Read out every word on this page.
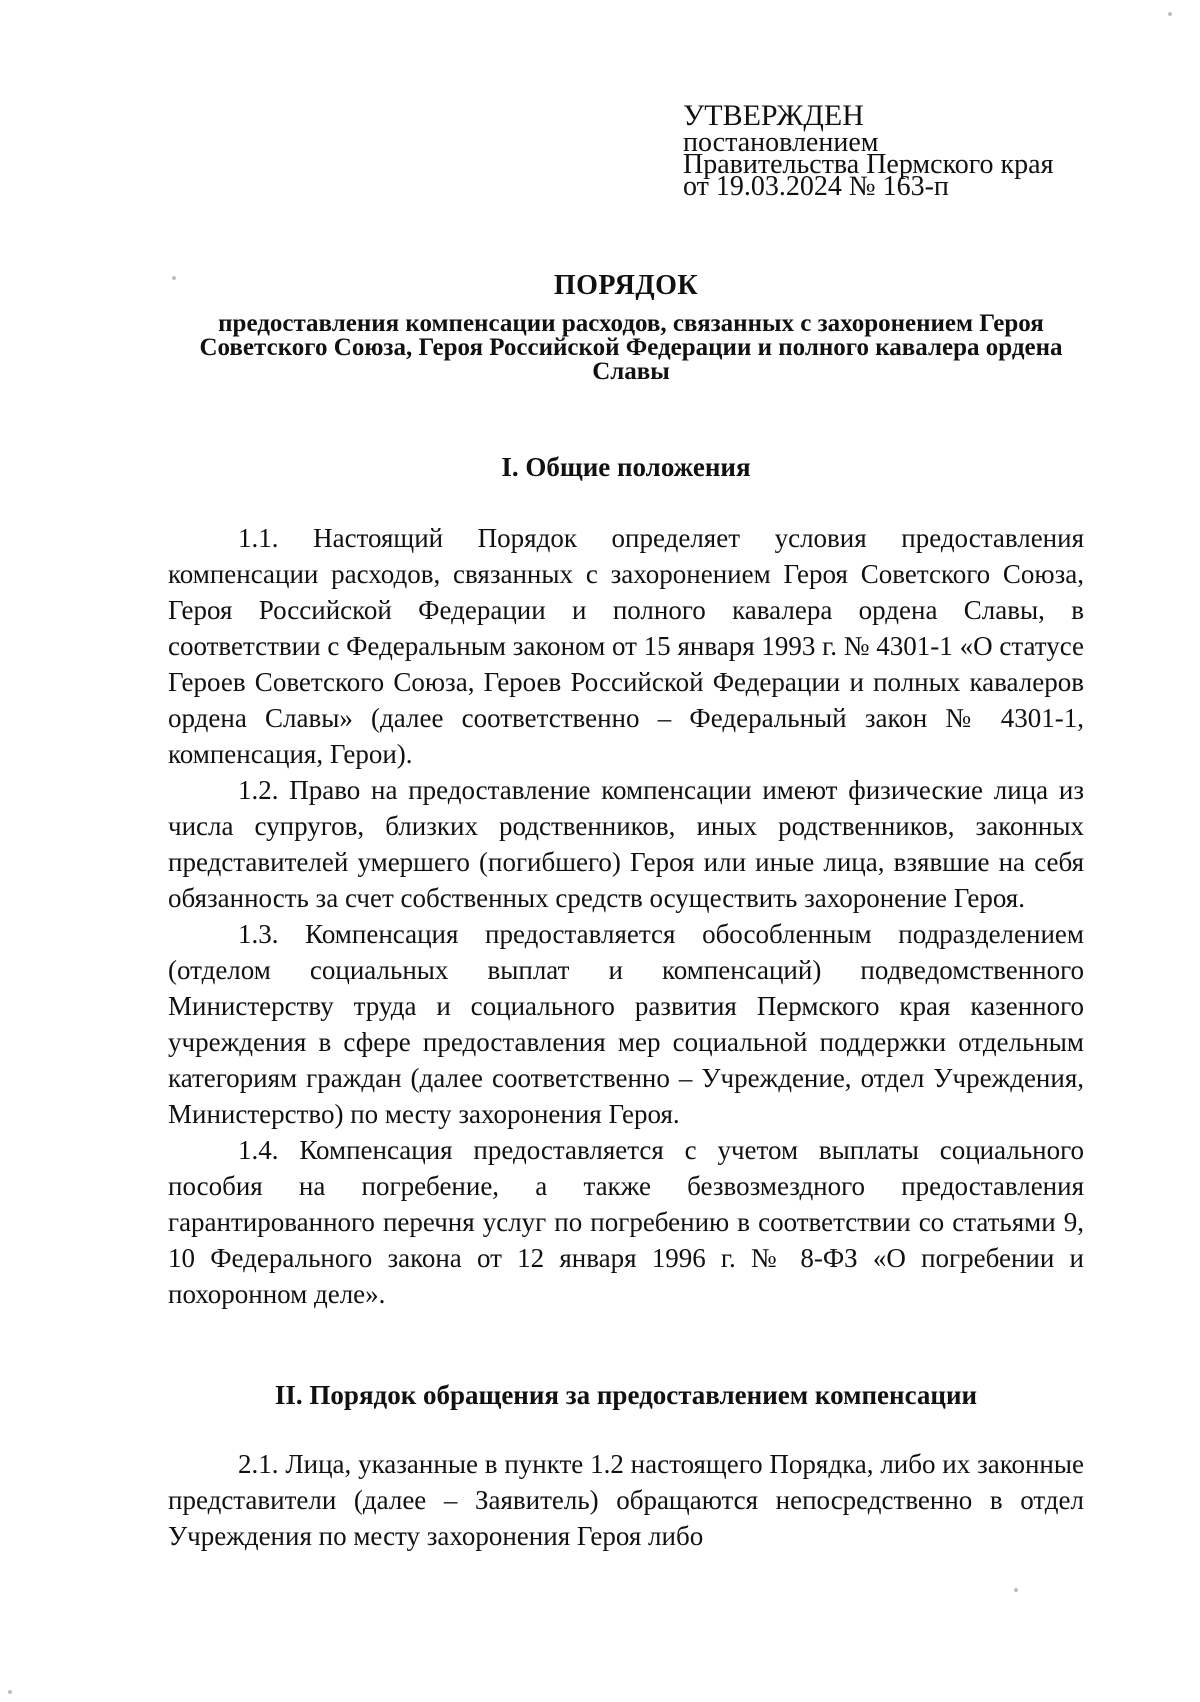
УТВЕРЖДЕН
постановлением
Правительства Пермского края
от 19.03.2024 № 163-п
ПОРЯДОК
предоставления компенсации расходов, связанных с захоронением Героя Советского Союза, Героя Российской Федерации и полного кавалера ордена Славы
I. Общие положения

1.1. Настоящий Порядок определяет условия предоставления компенсации расходов, связанных с захоронением Героя Советского Союза, Героя Российской Федерации и полного кавалера ордена Славы, в соответствии с Федеральным законом от 15 января 1993 г. № 4301-1 «О статусе Героев Советского Союза, Героев Российской Федерации и полных кавалеров ордена Славы» (далее соответственно – Федеральный закон № 4301-1, компенсация, Герои).

1.2. Право на предоставление компенсации имеют физические лица из числа супругов, близких родственников, иных родственников, законных представителей умершего (погибшего) Героя или иные лица, взявшие на себя обязанность за счет собственных средств осуществить захоронение Героя.

1.3. Компенсация предоставляется обособленным подразделением (отделом социальных выплат и компенсаций) подведомственного Министерству труда и социального развития Пермского края казенного учреждения в сфере предоставления мер социальной поддержки отдельным категориям граждан (далее соответственно – Учреждение, отдел Учреждения, Министерство) по месту захоронения Героя.

1.4. Компенсация предоставляется с учетом выплаты социального пособия на погребение, а также безвозмездного предоставления гарантированного перечня услуг по погребению в соответствии со статьями 9, 10 Федерального закона от 12 января 1996 г. № 8-ФЗ «О погребении и похоронном деле».

II. Порядок обращения за предоставлением компенсации

2.1. Лица, указанные в пункте 1.2 настоящего Порядка, либо их законные представители (далее – Заявитель) обращаются непосредственно в отдел Учреждения по месту захоронения Героя либо
